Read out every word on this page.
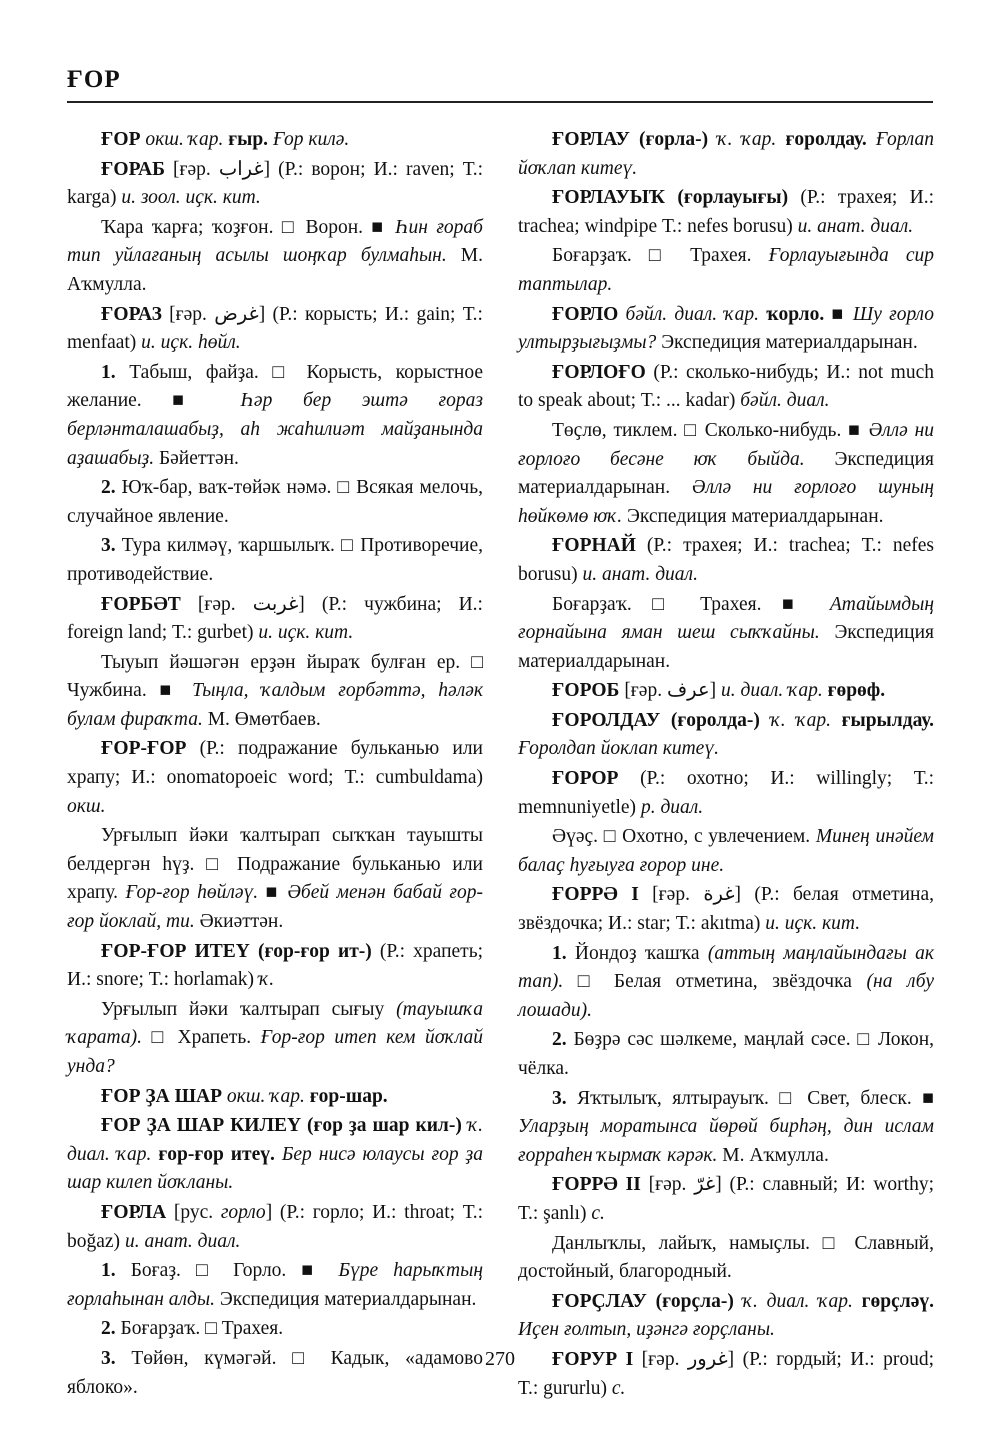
ҒОР

ҒОР окш. ҡар. ғыр. Ғор килә.

ҒОРАБ [ғәр. غراب] (Р.: ворон; И.: raven; Т.: karga) и. зоол. иҫк. кит.

Ҡара ҡарға; ҡоҙғон. □ Ворон. ■ Һин ғораб тип уйлағаның асылы шоңҡар булмаһын. М. Аҡмулла.

ҒОРАЗ [ғәр. غرض] (Р.: корысть; И.: gain; Т.: menfaat) и. иҫк. һөйл.

1. Табыш, файҙа. □ Корысть, корыстное желание. ■ Һәр бер эштә ғораз берләнталашабыҙ, аһ жаһилиәт майҙанында аҙашабыҙ. Бәйеттән.

2. Юҡ-бар, ваҡ-төйәк нәмә. □ Всякая мелочь, случайное явление.

3. Тура килмәү, ҡаршылыҡ. □ Противоречие, противодействие.

ҒОРБӘТ [ғәр. غربت] (Р.: чужбина; И.: foreign land; Т.: gurbet) и. иҫк. кит.

Тыуып йәшәгән ерҙән йыраҡ булған ер. □ Чужбина. ■ Тыңла, ҡалдым ғорбәттә, һәләк булам фираҡта. М. Өмөтбаев.

ҒОР-ҒОР (Р.: подражание бульканью или храпу; И.: onomatopoeic word; Т.: cumbuldama) окш.

Урғылып йәки ҡалтырап сыҡҡан тауышты белдергән һүҙ. □ Подражание бульканью или храпу. Ғор-ғор һөйләү. ■ Әбей менән бабай ғор-ғор йоклай, ти. Әкиәттән.

ҒОР-ҒОР ИТЕҮ (ғор-ғор ит-) (Р.: храпеть; И.: snore; Т.: horlamak) ҡ.

Урғылып йәки ҡалтырап сығыу (тауышҡа ҡарата). □ Храпеть. Ғор-ғор итеп кем йоҡлай унда?

ҒОР ҘА ШАР окш. ҡар. ғор-шар.

ҒОР ҘА ШАР КИЛЕҮ (ғор ҙа шар кил-) ҡ. диал. ҡар. ғор-ғор итеү. Бер нисә юлаусы ғор ҙа шар килеп йоҡланы.

ҒОРЛА [рус. горло] (Р.: горло; И.: throat; Т.: boğaz) и. анат. диал.

1. Боғаҙ. □ Горло. ■ Бүре һарыҡтың ғорлаһынан алды. Экспедиция материалдарынан.

2. Боғарҙаҡ. □ Трахея.

3. Төйөн, күмәгәй. □ Кадык, «адамово яблоко».

ҒОРЛАУ (ғорла-) ҡ. ҡар. ғоролдау. Ғорлап йоҡлап китеү.

ҒОРЛАУЫҠ (ғорлауығы) (Р.: трахея; И.: trachea; windpipe Т.: nefes borusu) и. анат. диал.

Боғарҙаҡ. □ Трахея. Ғорлауығында сир таптылар.

ҒОРЛО бәйл. диал. ҡар. ҡорло. ■ Шу ғорло ултырҙығыҙмы? Экспедиция материалдарынан.

ҒОРЛОҒО (Р.: сколько-нибудь; И.: not much to speak about; Т.: ... kadar) бәйл. диал.

Төҫлө, тиклем. □ Сколько-нибудь. ■ Әллә ни ғорлоғо бесәне юҡ быйда. Экспедиция материалдарынан. Әллә ни ғорлоғо шуның һөйкөмө юҡ. Экспедиция материалдарынан.

ҒОРНАЙ (Р.: трахея; И.: trachea; Т.: nefes borusu) и. анат. диал.

Боғарҙаҡ. □ Трахея. ■ Атайымдың ғорнайына яман шеш сыҡҡайны. Экспедиция материалдарынан.

ҒОРОБ [ғәр. عرف] и. диал. ҡар. ғөрөф.

ҒОРОЛДАУ (ғоролда-) ҡ. ҡар. ғырылдау. Ғоролдап йоклап китеү.

ҒОРОР (Р.: охотно; И.: willingly; Т.: memnuniyetle) р. диал.

Әүәҫ. □ Охотно, с увлечением. Минең инәйем балаҫ һуғыуға ғорор ине.

ҒОРРӘ I [ғәр. غرة] (Р.: белая отметина, звёздочка; И.: star; Т.: akıtma) и. иҫк. кит.

1. Йондоҙ ҡашҡа (аттың маңлайындағы ак тап). □ Белая отметина, звёздочка (на лбу лошади).

2. Бөҙрә сәс шәлкеме, маңлай сәсе. □ Локон, чёлка.

3. Яҡтылыҡ, ялтырауыҡ. □ Свет, блеск. ■ Уларҙың моратынса йөрөй бирһәң, дин ислам ғорраһен ҡырмаҡ кәрәк. М. Аҡмулла.

ҒОРРӘ II [ғәр. غرّ] (Р.: славный; И: worthy; Т.: şanlı) с.

Данлыҡлы, лайыҡ, намыҫлы. □ Славный, достойный, благородный.

ҒОРҪЛАУ (ғорҫла-) ҡ. диал. ҡар. гөрҫләү. Иҫен ғолтып, иҙәнгә ғорҫланы.

ҒОРУР I [ғәр. غرور] (Р.: гордый; И.: proud; Т.: gururlu) с.

270
